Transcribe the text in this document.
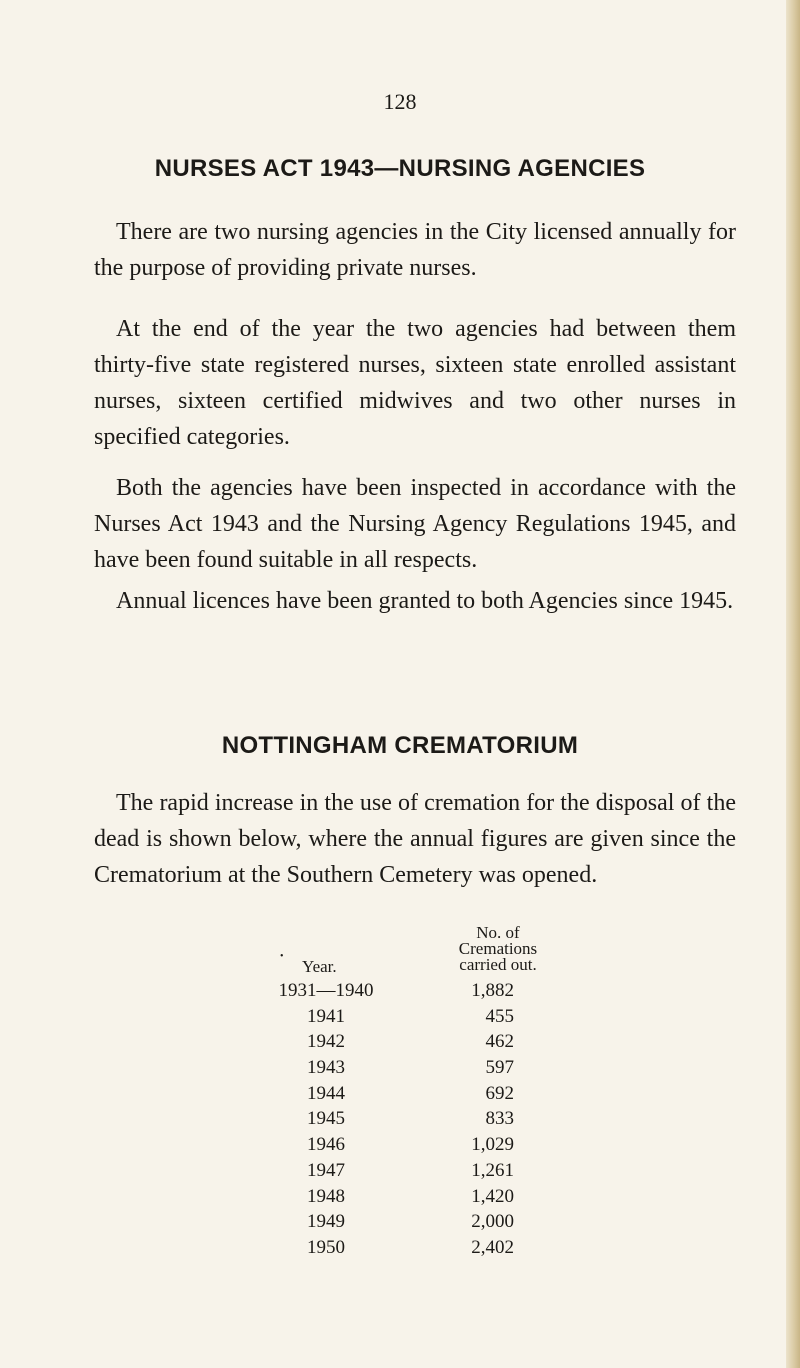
128
NURSES ACT 1943—NURSING AGENCIES

There are two nursing agencies in the City licensed annually for the purpose of providing private nurses.

At the end of the year the two agencies had between them thirty-five state registered nurses, sixteen state enrolled assistant nurses, sixteen certified midwives and two other nurses in specified categories.

Both the agencies have been inspected in accordance with the Nurses Act 1943 and the Nursing Agency Regulations 1945, and have been found suitable in all respects.

Annual licences have been granted to both Agencies since 1945.

NOTTINGHAM CREMATORIUM

The rapid increase in the use of cremation for the disposal of the dead is shown below, where the annual figures are given since the Crematorium at the Southern Cemetery was opened.

Year.
No. of
Cremations
carried out.
•
1931—1940	1,882
1941	455
1942	462
1943	597
1944	692
1945	833
1946	1,029
1947	1,261
1948	1,420
1949	2,000
1950	2,402
